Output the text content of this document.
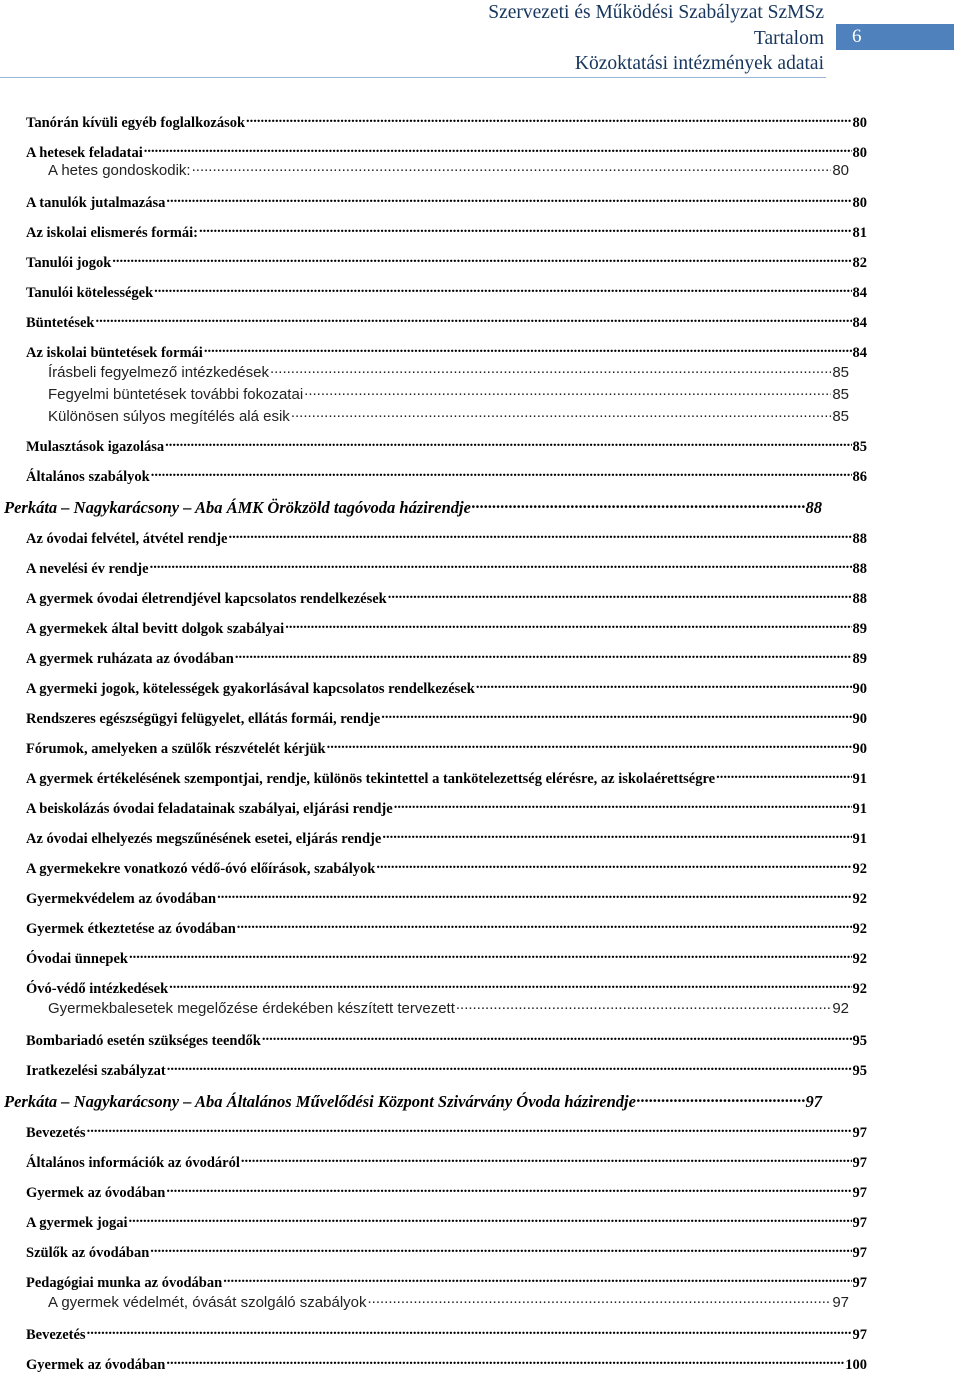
Szervezeti és Működési Szabályzat SzMSz
Tartalom
Közoktatási intézmények adatai
6
Tanórán kívüli egyéb foglalkozások .....	80
A hetesek feladatai .....	80
A hetes gondoskodik: .....	80
A tanulók jutalmazása .....	80
Az iskolai elismerés formái: .....	81
Tanulói jogok .....	82
Tanulói kötelességek .....	84
Büntetések .....	84
Az iskolai büntetések formái .....	84
Írásbeli fegyelmező intézkedések .....	85
Fegyelmi büntetések további fokozatai .....	85
Különösen súlyos megítélés alá esik .....	85
Mulasztások igazolása .....	85
Általános szabályok .....	86
Perkáta – Nagykarácsony – Aba ÁMK Örökzöld tagóvoda házirendje .....	88
Az óvodai felvétel, átvétel rendje .....	88
A nevelési év rendje .....	88
A gyermek óvodai életrendjével kapcsolatos rendelkezések .....	88
A gyermekek által bevitt dolgok szabályai .....	89
A gyermek ruházata az óvodában .....	89
A gyermeki jogok, kötelességek gyakorlásával kapcsolatos rendelkezések .....	90
Rendszeres egészségügyi felügyelet, ellátás formái, rendje .....	90
Fórumok, amelyeken a szülők részvételét kérjük .....	90
A gyermek értékelésének szempontjai, rendje, különös tekintettel a tankötelezettség elérésre, az iskolaérettségre .....	91
A beiskolázás óvodai feladatainak szabályai, eljárási rendje .....	91
Az óvodai elhelyezés megszűnésének esetei, eljárás rendje .....	91
A gyermekekre vonatkozó védő-óvó előírások, szabályok .....	92
Gyermekvédelem az óvodában .....	92
Gyermek étkeztetése az óvodában .....	92
Óvodai ünnepek .....	92
Óvó-védő intézkedések .....	92
Gyermekbalesetek megelőzése érdekében készített tervezett .....	92
Bombariadó esetén szükséges teendők .....	95
Iratkezelési szabályzat .....	95
Perkáta – Nagykarácsony – Aba Általános Művelődési Központ Szivárvány Óvoda házirendje .....	97
Bevezetés .....	97
Általános információk az óvodáról .....	97
Gyermek az óvodában .....	97
A gyermek jogai .....	97
Szülők az óvodában .....	97
Pedagógiai munka az óvodában .....	97
A gyermek védelmét, óvását szolgáló szabályok .....	97
Bevezetés .....	97
Gyermek az óvodában .....	100
